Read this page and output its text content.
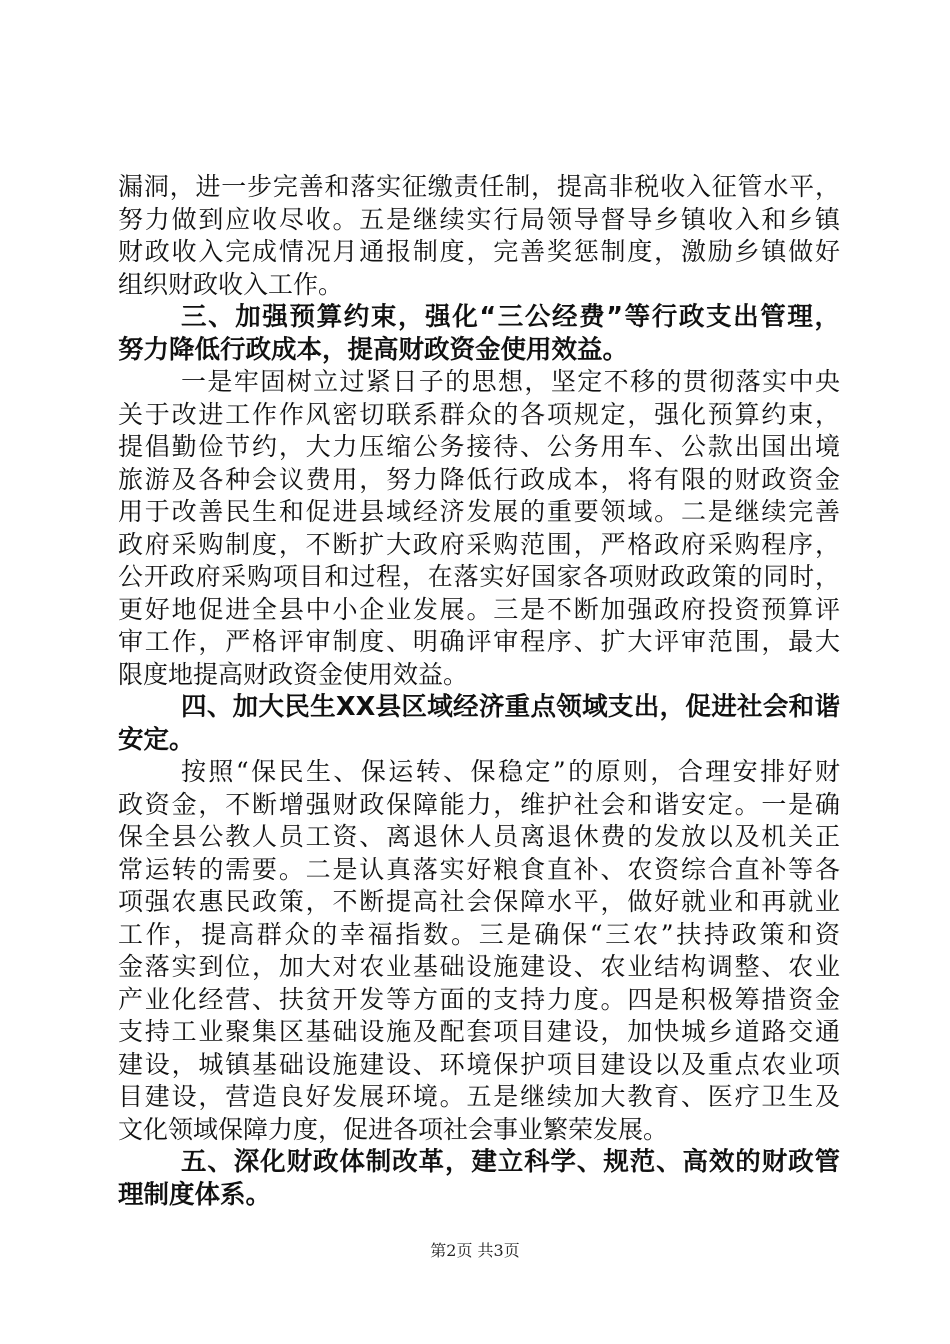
漏洞，进一步完善和落实征缴责任制，提高非税收入征管水平，
努力做到应收尽收。五是继续实行局领导督导乡镇收入和乡镇
财政收入完成情况月通报制度，完善奖惩制度，激励乡镇做好
组织财政收入工作。
三、加强预算约束，强化“三公经费”等行政支出管理，
努力降低行政成本，提高财政资金使用效益。
一是牢固树立过紧日子的思想，坚定不移的贯彻落实中央
关于改进工作作风密切联系群众的各项规定，强化预算约束，
提倡勤俭节约，大力压缩公务接待、公务用车、公款出国出境
旅游及各种会议费用，努力降低行政成本，将有限的财政资金
用于改善民生和促进县域经济发展的重要领域。二是继续完善
政府采购制度，不断扩大政府采购范围，严格政府采购程序，
公开政府采购项目和过程，在落实好国家各项财政政策的同时，
更好地促进全县中小企业发展。三是不断加强政府投资预算评
审工作，严格评审制度、明确评审程序、扩大评审范围，最大
限度地提高财政资金使用效益。
四、加大民生XX县区域经济重点领域支出，促进社会和谐
安定。
按照“保民生、保运转、保稳定”的原则，合理安排好财
政资金，不断增强财政保障能力，维护社会和谐安定。一是确
保全县公教人员工资、离退休人员离退休费的发放以及机关正
常运转的需要。二是认真落实好粮食直补、农资综合直补等各
项强农惠民政策，不断提高社会保障水平，做好就业和再就业
工作，提高群众的幸福指数。三是确保“三农”扶持政策和资
金落实到位，加大对农业基础设施建设、农业结构调整、农业
产业化经营、扶贫开发等方面的支持力度。四是积极筹措资金
支持工业聚集区基础设施及配套项目建设，加快城乡道路交通
建设，城镇基础设施建设、环境保护项目建设以及重点农业项
目建设，营造良好发展环境。五是继续加大教育、医疗卫生及
文化领域保障力度，促进各项社会事业繁荣发展。
五、深化财政体制改革，建立科学、规范、高效的财政管
理制度体系。
第2页 共3页
